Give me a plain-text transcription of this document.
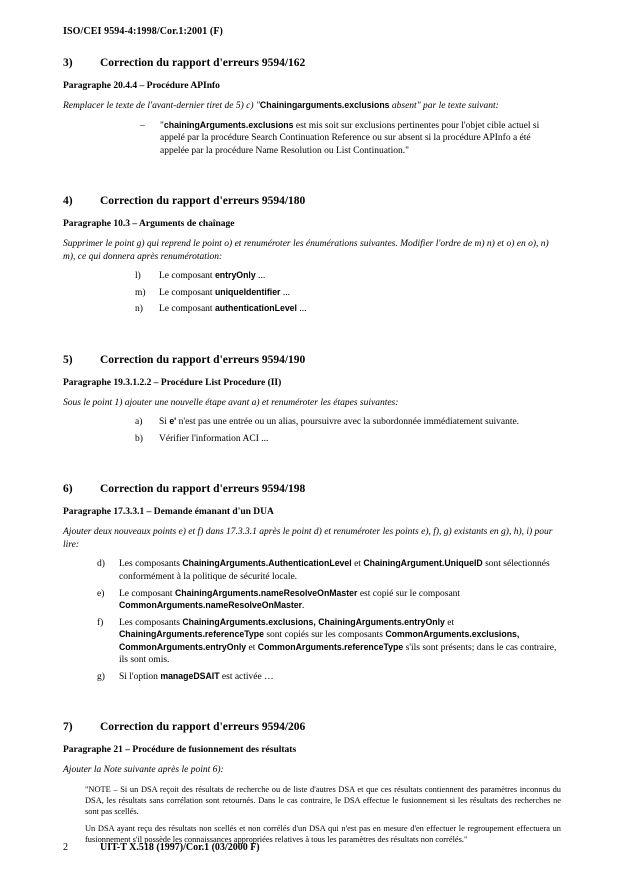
ISO/CEI 9594-4:1998/Cor.1:2001 (F)
3)	Correction du rapport d'erreurs 9594/162
Paragraphe 20.4.4 – Procédure APInfo
Remplacer le texte de l'avant-dernier tiret de 5) c) "Chainingarguments.exclusions absent" par le texte suivant:
–	"chainingArguments.exclusions est mis soit sur exclusions pertinentes pour l'objet cible actuel si appelé par la procédure Search Continuation Reference ou sur absent si la procédure APInfo a été appelée par la procédure Name Resolution ou List Continuation."
4)	Correction du rapport d'erreurs 9594/180
Paragraphe 10.3 – Arguments de chaînage
Supprimer le point g) qui reprend le point o) et renuméroter les énumérations suivantes. Modifier l'ordre de m) n) et o) en o), n) m), ce qui donnera après renumérotation:
l)	Le composant entryOnly ...
m)	Le composant uniqueIdentifier ...
n)	Le composant authenticationLevel ...
5)	Correction du rapport d'erreurs 9594/190
Paragraphe 19.3.1.2.2 – Procédure List Procedure (II)
Sous le point 1) ajouter une nouvelle étape avant a) et renuméroter les étapes suivantes:
a)	Si e' n'est pas une entrée ou un alias, poursuivre avec la subordonnée immédiatement suivante.
b)	Vérifier l'information ACI ...
6)	Correction du rapport d'erreurs 9594/198
Paragraphe 17.3.3.1 – Demande émanant d'un DUA
Ajouter deux nouveaux points e) et f) dans 17.3.3.1 après le point d) et renuméroter les points e), f), g) existants en g), h), i) pour lire:
d)	Les composants ChainingArguments.AuthenticationLevel et ChainingArgument.UniqueID sont sélectionnés conformément à la politique de sécurité locale.
e)	Le composant ChainingArguments.nameResolveOnMaster est copié sur le composant CommonArguments.nameResolveOnMaster.
f)	Les composants ChainingArguments.exclusions, ChainingArguments.entryOnly et ChainingArguments.referenceType sont copiés sur les composants CommonArguments.exclusions, CommonArguments.entryOnly et CommonArguments.referenceType s'ils sont présents; dans le cas contraire, ils sont omis.
g)	Si l'option manageDSAIT est activée …
7)	Correction du rapport d'erreurs 9594/206
Paragraphe 21 – Procédure de fusionnement des résultats
Ajouter la Note suivante après le point 6):

"NOTE – Si un DSA reçoit des résultats de recherche ou de liste d'autres DSA et que ces résultats contiennent des paramètres inconnus du DSA, les résultats sans corrélation sont retournés. Dans le cas contraire, le DSA effectue le fusionnement si les résultats des recherches ne sont pas scellés.

Un DSA ayant reçu des résultats non scellés et non corrélés d'un DSA qui n'est pas en mesure d'en effectuer le regroupement effectuera un fusionnement s'il possède les connaissances appropriées relatives à tous les paramètres des résultats non corrélés."

2	UIT-T X.518 (1997)/Cor.1 (03/2000 F)
